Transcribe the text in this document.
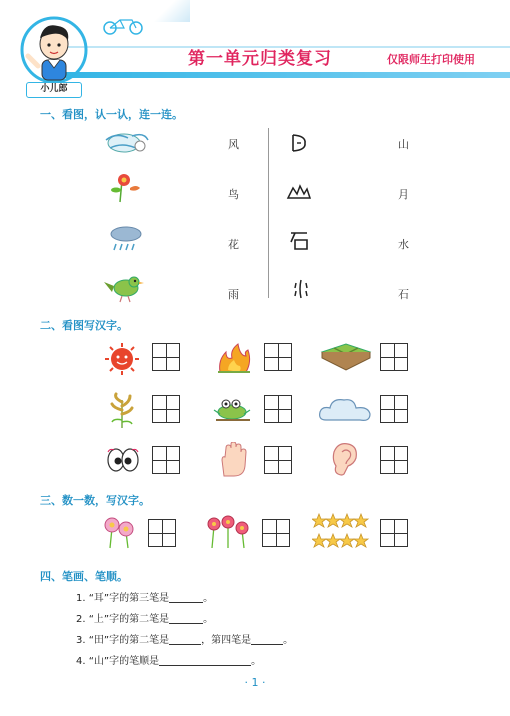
小儿郎
第一单元归类复习	仅限师生打印使用
一、看图，认一认，连一连。
风
鸟
花
雨
山
月
水
石
二、看图写汉字。
三、数一数，写汉字。
四、笔画、笔顺。
1. “耳”字的第三笔是	。
2. “上”字的第二笔是	。
3. “田”字的第二笔是	，第四笔是	。
4. “山”字的笔顺是	。
· 1 ·
